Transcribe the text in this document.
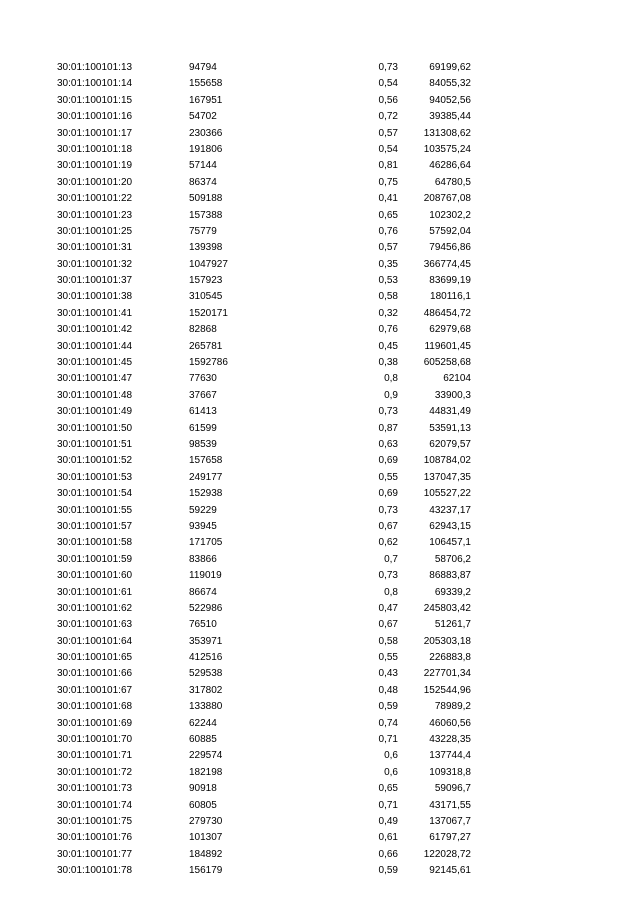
30:01:100101:13	94794	0,73	69199,62
30:01:100101:14	155658	0,54	84055,32
30:01:100101:15	167951	0,56	94052,56
30:01:100101:16	54702	0,72	39385,44
30:01:100101:17	230366	0,57	131308,62
30:01:100101:18	191806	0,54	103575,24
30:01:100101:19	57144	0,81	46286,64
30:01:100101:20	86374	0,75	64780,5
30:01:100101:22	509188	0,41	208767,08
30:01:100101:23	157388	0,65	102302,2
30:01:100101:25	75779	0,76	57592,04
30:01:100101:31	139398	0,57	79456,86
30:01:100101:32	1047927	0,35	366774,45
30:01:100101:37	157923	0,53	83699,19
30:01:100101:38	310545	0,58	180116,1
30:01:100101:41	1520171	0,32	486454,72
30:01:100101:42	82868	0,76	62979,68
30:01:100101:44	265781	0,45	119601,45
30:01:100101:45	1592786	0,38	605258,68
30:01:100101:47	77630	0,8	62104
30:01:100101:48	37667	0,9	33900,3
30:01:100101:49	61413	0,73	44831,49
30:01:100101:50	61599	0,87	53591,13
30:01:100101:51	98539	0,63	62079,57
30:01:100101:52	157658	0,69	108784,02
30:01:100101:53	249177	0,55	137047,35
30:01:100101:54	152938	0,69	105527,22
30:01:100101:55	59229	0,73	43237,17
30:01:100101:57	93945	0,67	62943,15
30:01:100101:58	171705	0,62	106457,1
30:01:100101:59	83866	0,7	58706,2
30:01:100101:60	119019	0,73	86883,87
30:01:100101:61	86674	0,8	69339,2
30:01:100101:62	522986	0,47	245803,42
30:01:100101:63	76510	0,67	51261,7
30:01:100101:64	353971	0,58	205303,18
30:01:100101:65	412516	0,55	226883,8
30:01:100101:66	529538	0,43	227701,34
30:01:100101:67	317802	0,48	152544,96
30:01:100101:68	133880	0,59	78989,2
30:01:100101:69	62244	0,74	46060,56
30:01:100101:70	60885	0,71	43228,35
30:01:100101:71	229574	0,6	137744,4
30:01:100101:72	182198	0,6	109318,8
30:01:100101:73	90918	0,65	59096,7
30:01:100101:74	60805	0,71	43171,55
30:01:100101:75	279730	0,49	137067,7
30:01:100101:76	101307	0,61	61797,27
30:01:100101:77	184892	0,66	122028,72
30:01:100101:78	156179	0,59	92145,61
